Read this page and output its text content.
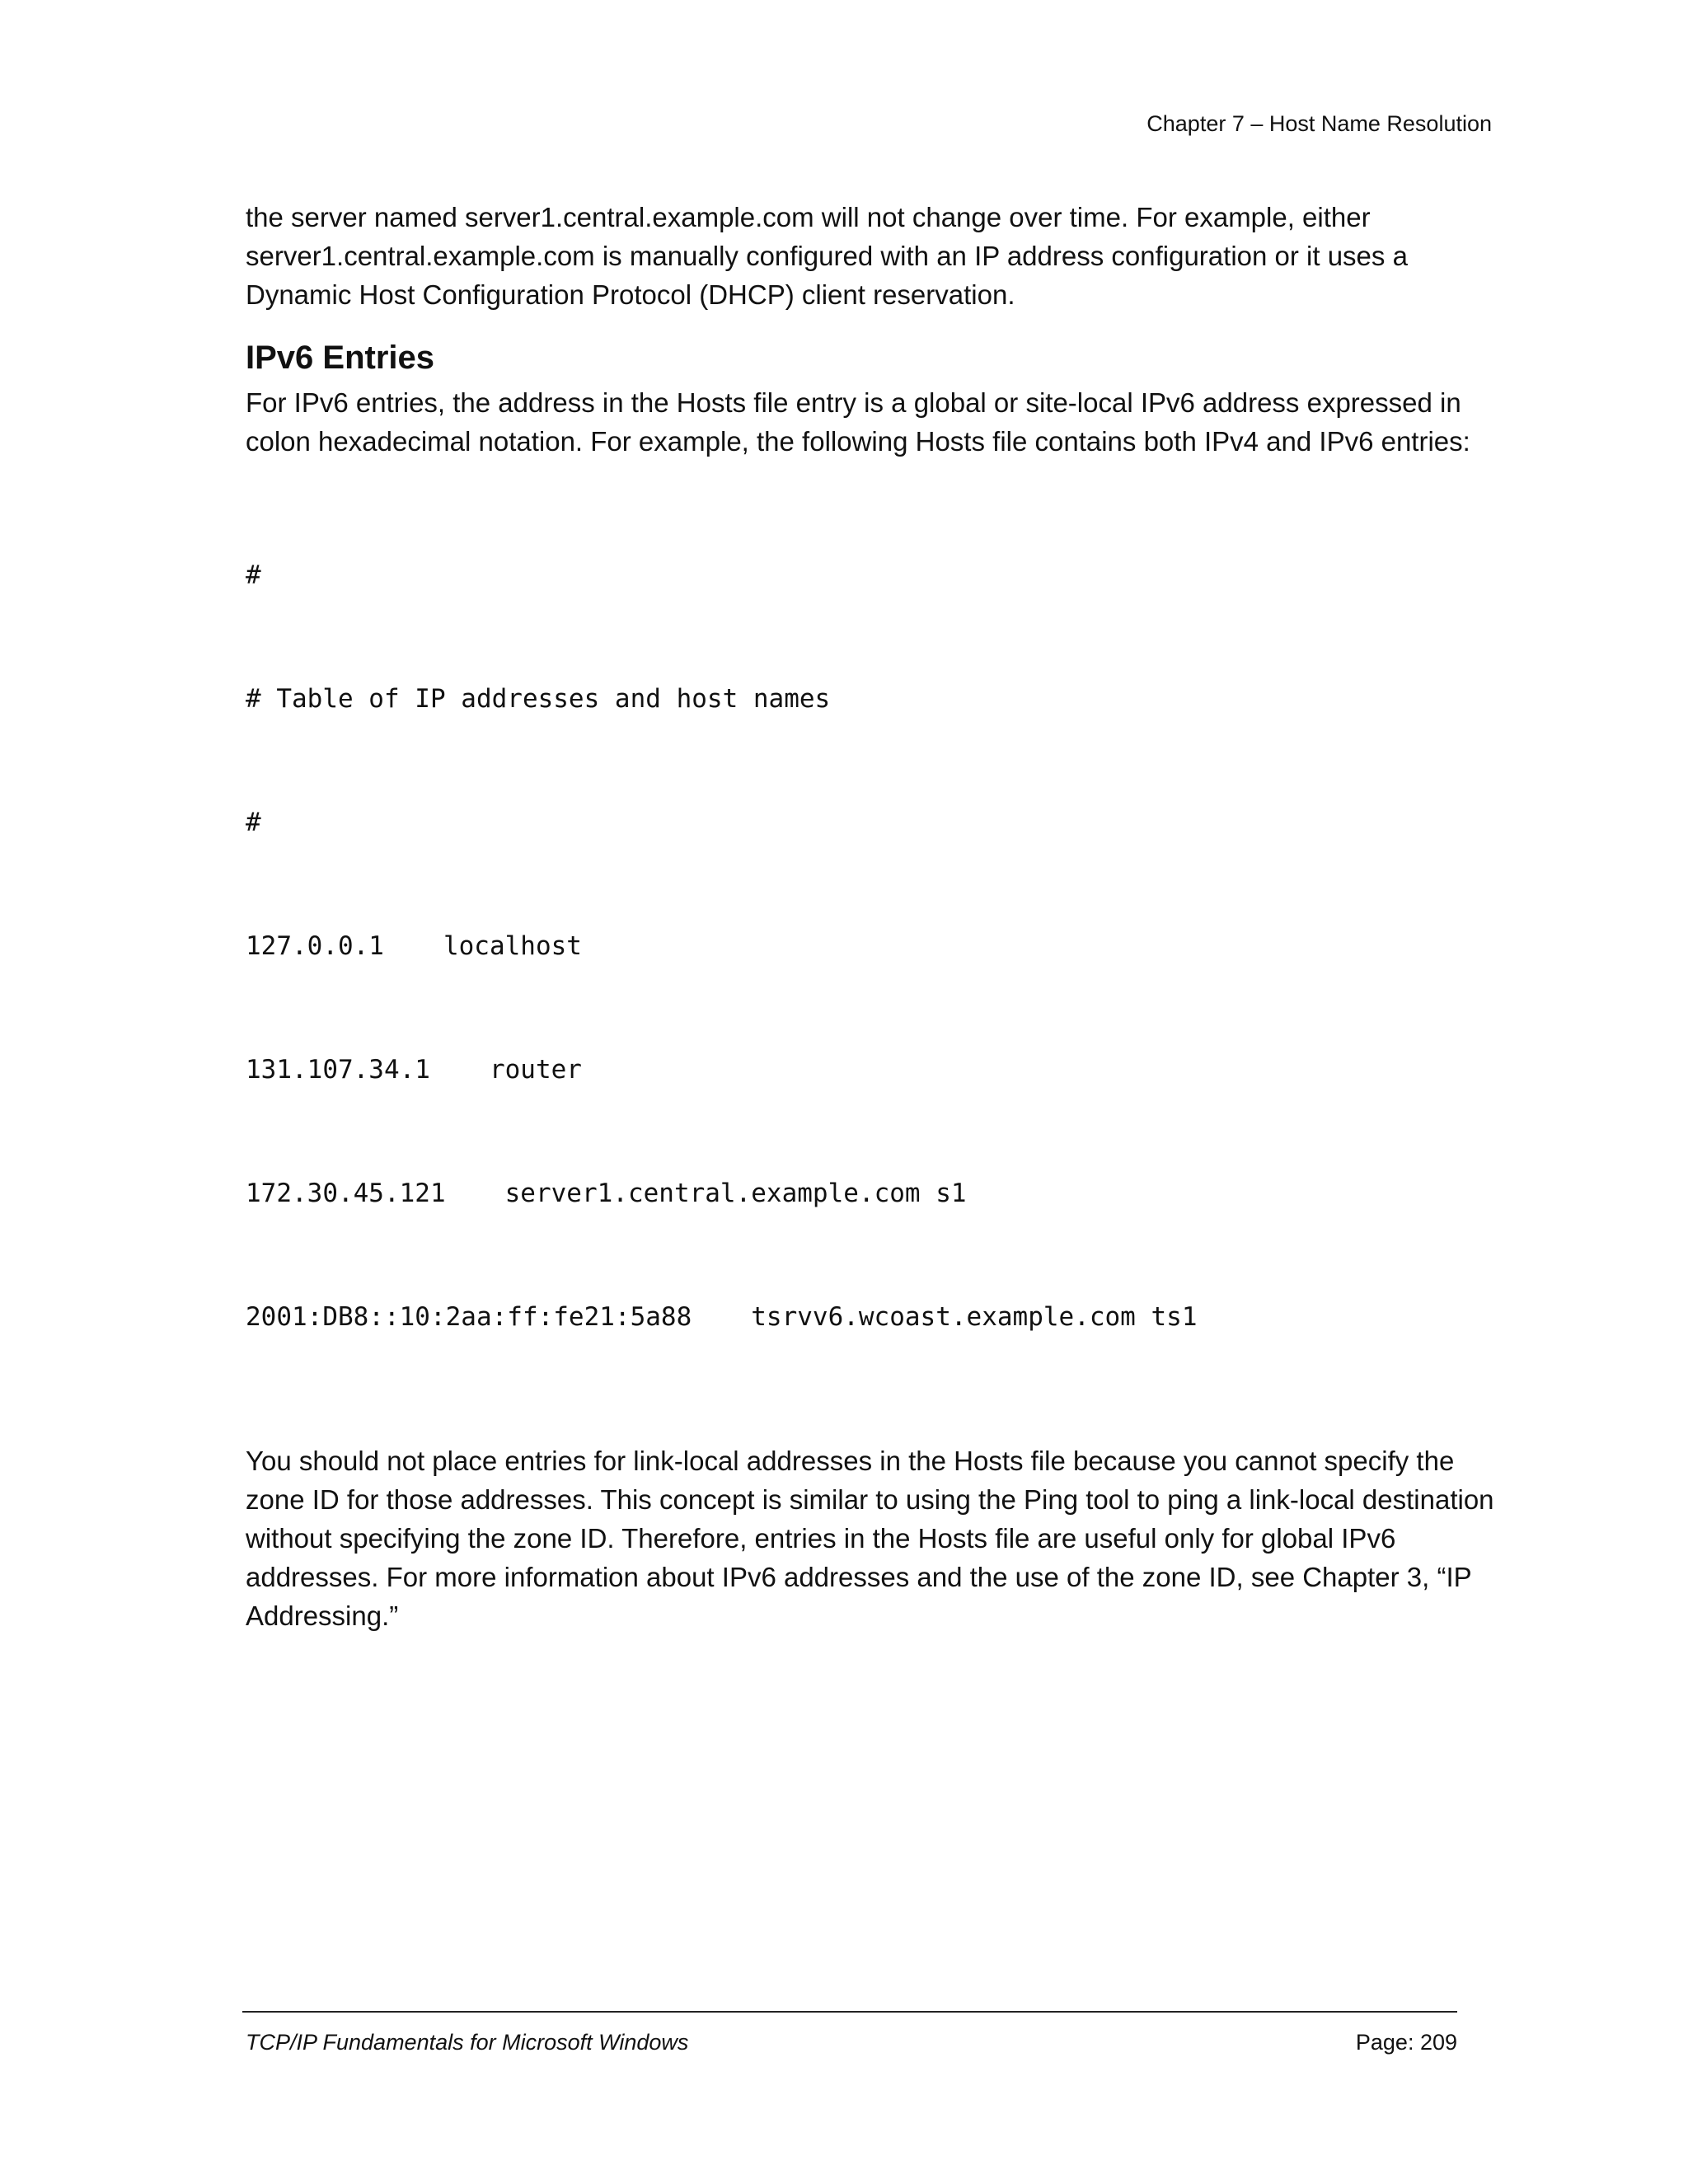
Chapter 7 – Host Name Resolution

the server named server1.central.example.com will not change over time. For example, either server1.central.example.com is manually configured with an IP address configuration or it uses a Dynamic Host Configuration Protocol (DHCP) client reservation.

IPv6 Entries

For IPv6 entries, the address in the Hosts file entry is a global or site-local IPv6 address expressed in colon hexadecimal notation. For example, the following Hosts file contains both IPv4 and IPv6 entries:

#

# Table of IP addresses and host names

#

127.0.0.1 localhost

131.107.34.1 router

172.30.45.121 server1.central.example.com s1

2001:DB8::10:2aa:ff:fe21:5a88 tsrvv6.wcoast.example.com ts1

You should not place entries for link-local addresses in the Hosts file because you cannot specify the zone ID for those addresses. This concept is similar to using the Ping tool to ping a link-local destination without specifying the zone ID. Therefore, entries in the Hosts file are useful only for global IPv6 addresses. For more information about IPv6 addresses and the use of the zone ID, see Chapter 3, “IP Addressing.”

TCP/IP Fundamentals for Microsoft Windows	Page: 209
